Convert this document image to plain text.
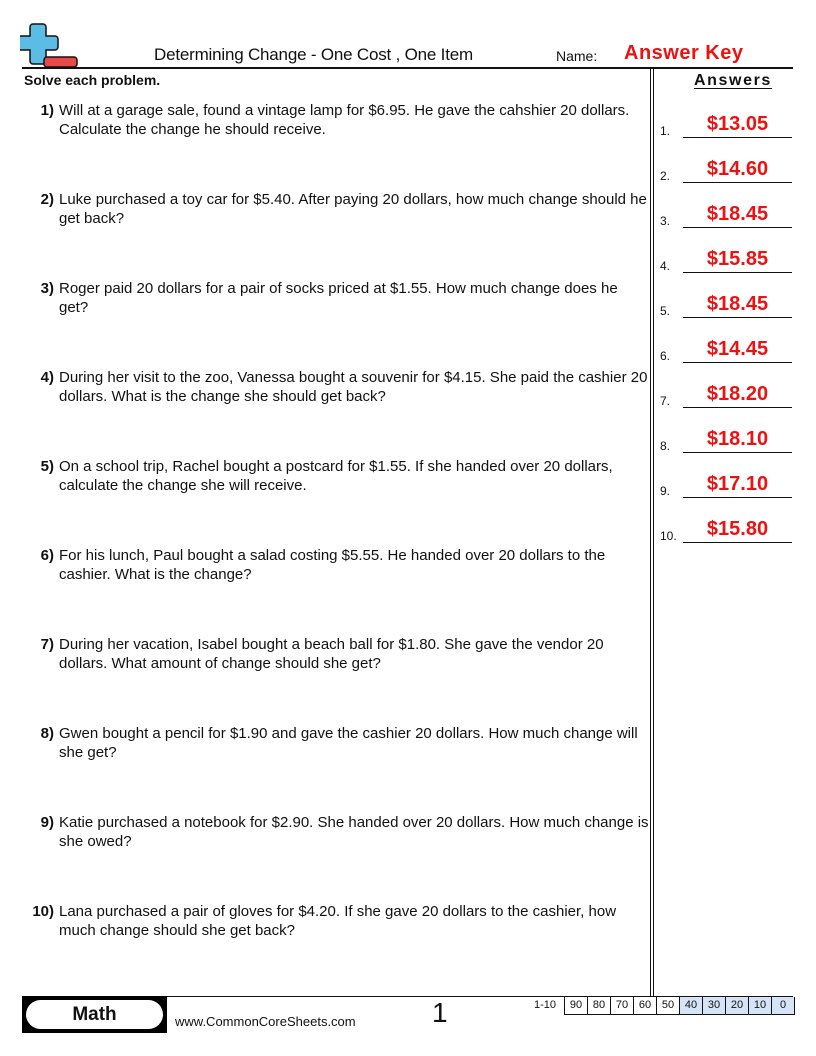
Determining Change - One Cost , One Item	Name: Answer Key
Solve each problem.	Answers
1) Will at a garage sale, found a vintage lamp for $6.95. He gave the cahshier 20 dollars. Calculate the change he should receive.
2) Luke purchased a toy car for $5.40. After paying 20 dollars, how much change should he get back?
3) Roger paid 20 dollars for a pair of socks priced at $1.55. How much change does he get?
4) During her visit to the zoo, Vanessa bought a souvenir for $4.15. She paid the cashier 20 dollars. What is the change she should get back?
5) On a school trip, Rachel bought a postcard for $1.55. If she handed over 20 dollars, calculate the change she will receive.
6) For his lunch, Paul bought a salad costing $5.55. He handed over 20 dollars to the cashier. What is the change?
7) During her vacation, Isabel bought a beach ball for $1.80. She gave the vendor 20 dollars. What amount of change should she get?
8) Gwen bought a pencil for $1.90 and gave the cashier 20 dollars. How much change will she get?
9) Katie purchased a notebook for $2.90. She handed over 20 dollars. How much change is she owed?
10) Lana purchased a pair of gloves for $4.20. If she gave 20 dollars to the cashier, how much change should she get back?
1.	$13.05
2.	$14.60
3.	$18.45
4.	$15.85
5.	$18.45
6.	$14.45
7.	$18.20
8.	$18.10
9.	$17.10
10.	$15.80
Math	www.CommonCoreSheets.com	1	1-10	90 80 70 60 50 40 30 20 10	0
